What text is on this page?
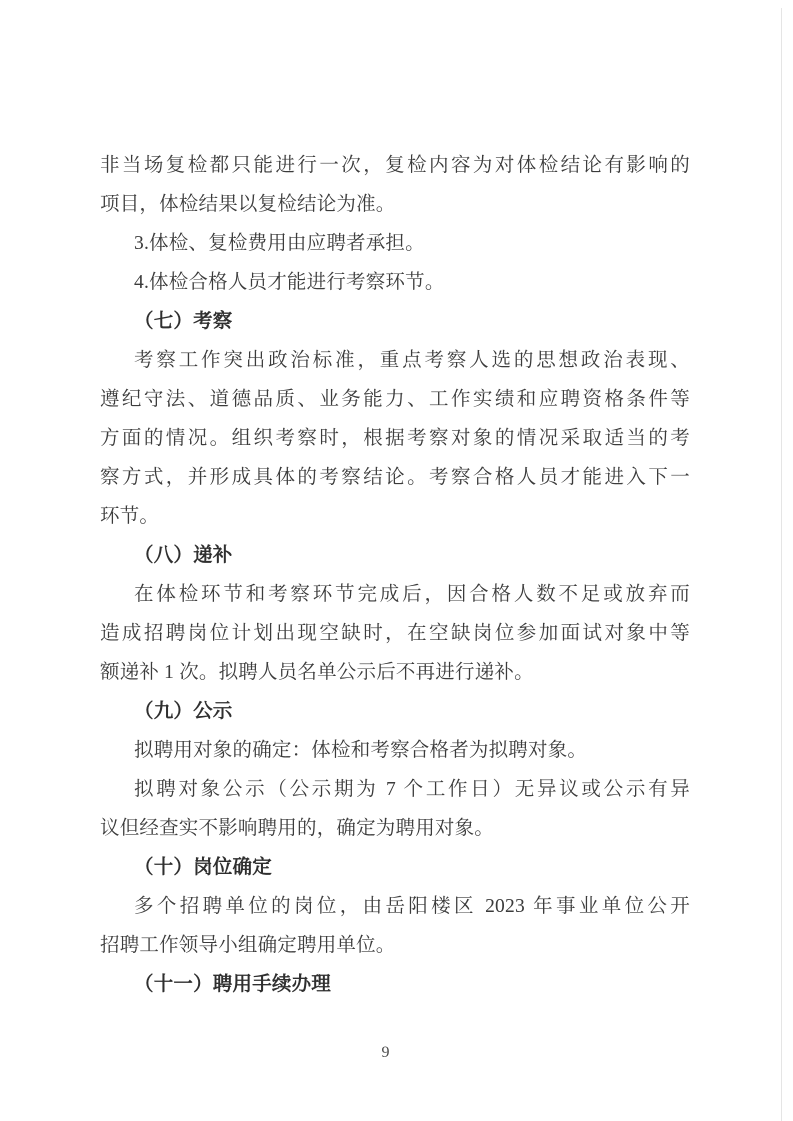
非当场复检都只能进行一次，复检内容为对体检结论有影响的
项目，体检结果以复检结论为准。
3.体检、复检费用由应聘者承担。
4.体检合格人员才能进行考察环节。
（七）考察
考察工作突出政治标准，重点考察人选的思想政治表现、
遵纪守法、道德品质、业务能力、工作实绩和应聘资格条件等
方面的情况。组织考察时，根据考察对象的情况采取适当的考
察方式，并形成具体的考察结论。考察合格人员才能进入下一
环节。
（八）递补
在体检环节和考察环节完成后，因合格人数不足或放弃而
造成招聘岗位计划出现空缺时，在空缺岗位参加面试对象中等
额递补 1 次。拟聘人员名单公示后不再进行递补。
（九）公示
拟聘用对象的确定：体检和考察合格者为拟聘对象。
拟聘对象公示（公示期为 7 个工作日）无异议或公示有异
议但经查实不影响聘用的，确定为聘用对象。
（十）岗位确定
多个招聘单位的岗位，由岳阳楼区 2023 年事业单位公开
招聘工作领导小组确定聘用单位。
（十一）聘用手续办理
9
